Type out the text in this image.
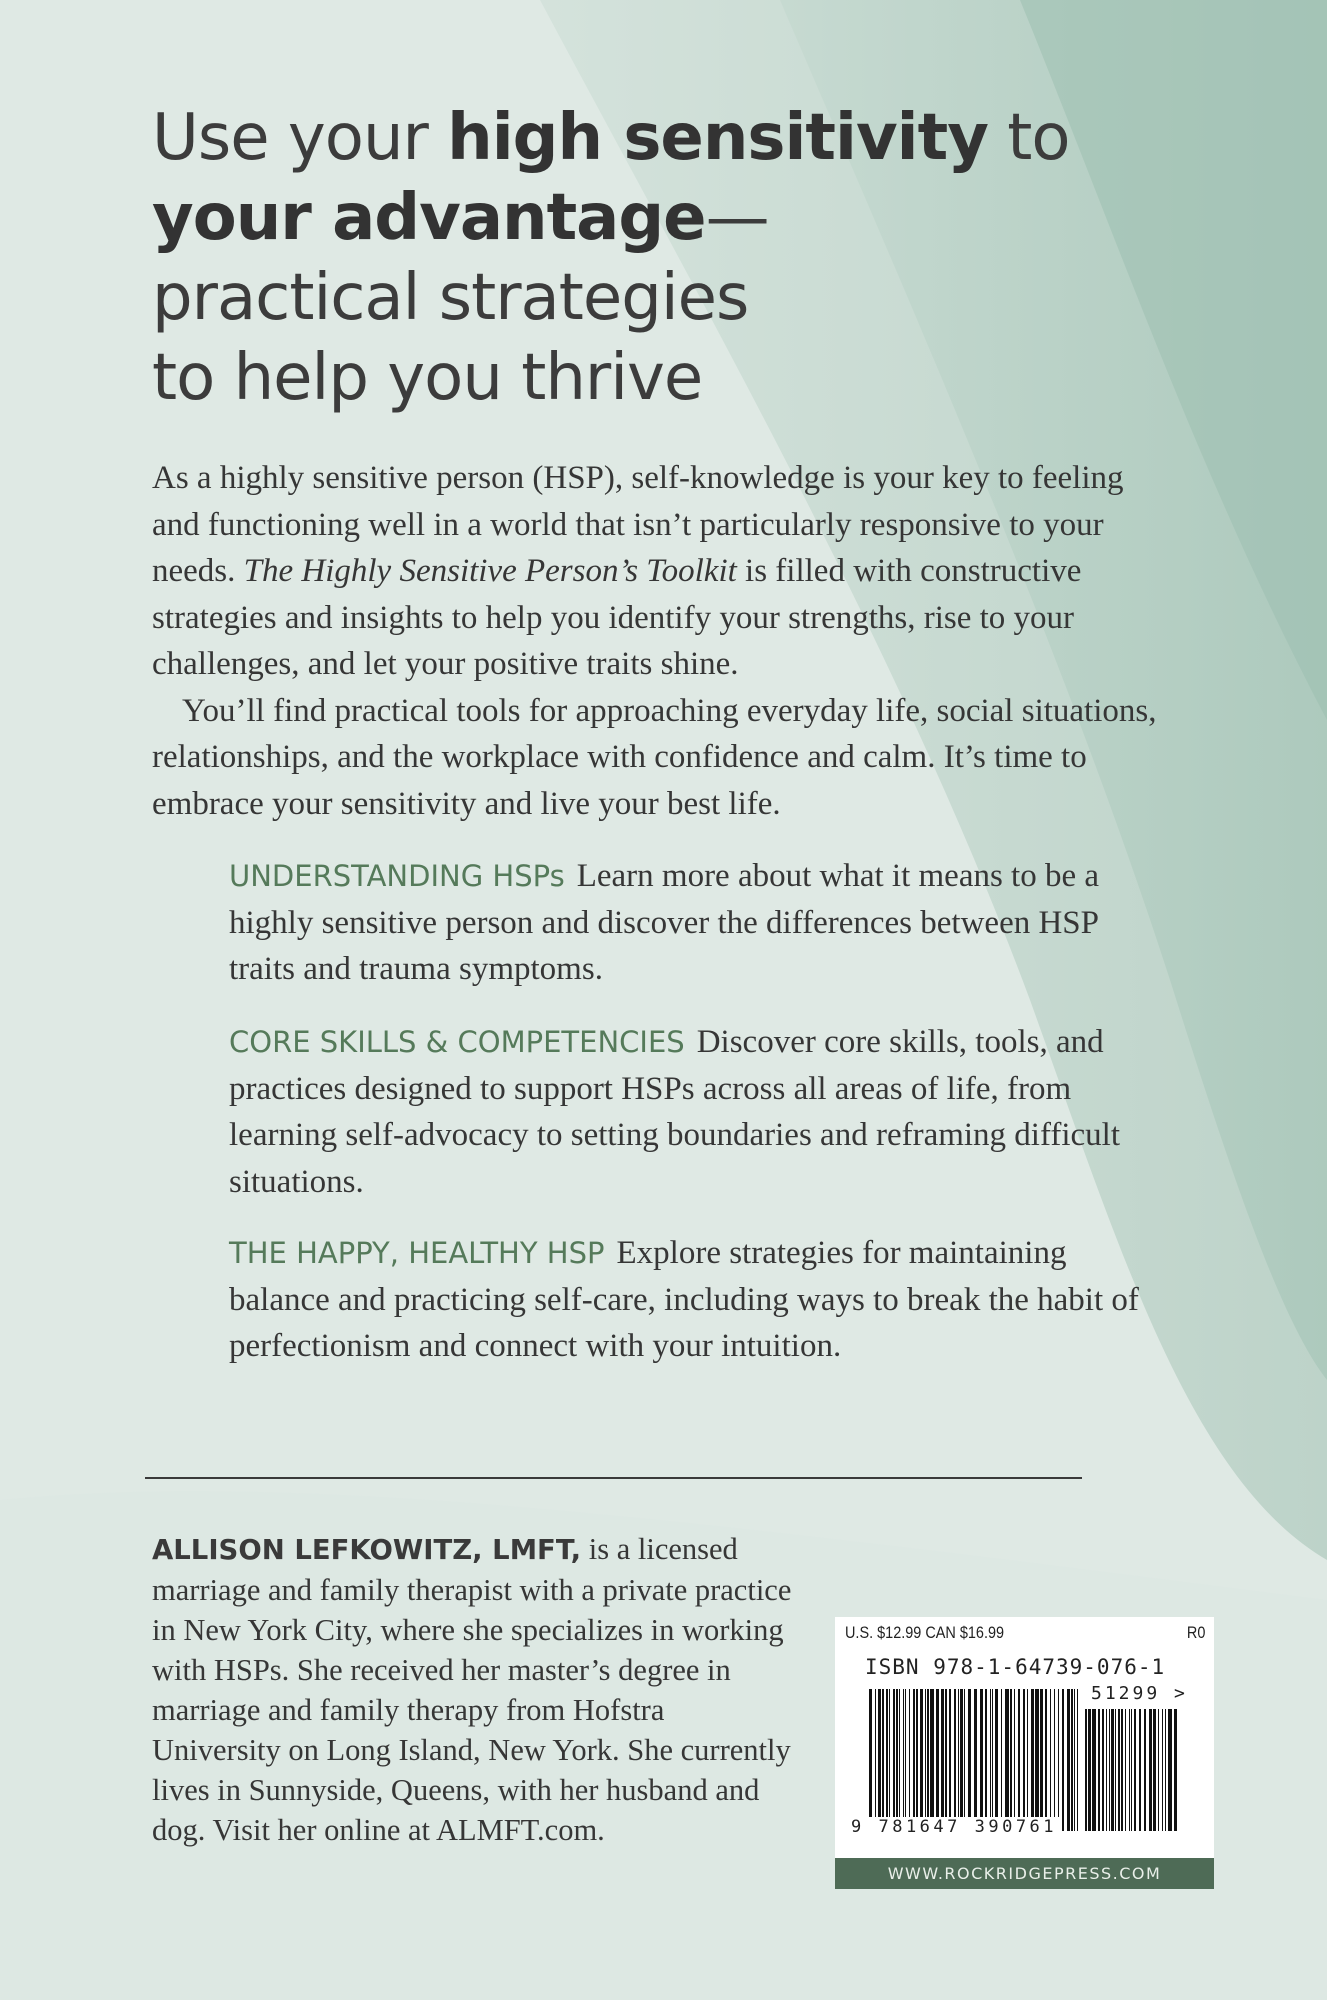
Use your high sensitivity to
your advantage—
practical strategies
to help you thrive

As a highly sensitive person (HSP), self-knowledge is your key to feeling and functioning well in a world that isn’t particularly responsive to your needs. The Highly Sensitive Person’s Toolkit is filled with constructive strategies and insights to help you identify your strengths, rise to your challenges, and let your positive traits shine.

You’ll find practical tools for approaching everyday life, social situations, relationships, and the workplace with confidence and calm. It’s time to embrace your sensitivity and live your best life.

UNDERSTANDING HSPs Learn more about what it means to be a highly sensitive person and discover the differences between HSP traits and trauma symptoms.

CORE SKILLS & COMPETENCIES Discover core skills, tools, and practices designed to support HSPs across all areas of life, from learning self-advocacy to setting boundaries and reframing difficult situations.

THE HAPPY, HEALTHY HSP Explore strategies for maintaining balance and practicing self-care, including ways to break the habit of perfectionism and connect with your intuition.

ALLISON LEFKOWITZ, LMFT, is a licensed marriage and family therapist with a private practice in New York City, where she specializes in working with HSPs. She received her master’s degree in marriage and family therapy from Hofstra University on Long Island, New York. She currently lives in Sunnyside, Queens, with her husband and dog. Visit her online at ALMFT.com.

U.S. $12.99 CAN $16.99	R0
ISBN 978-1-64739-076-1
51299 >
9 781647 390761
WWW.ROCKRIDGEPRESS.COM
